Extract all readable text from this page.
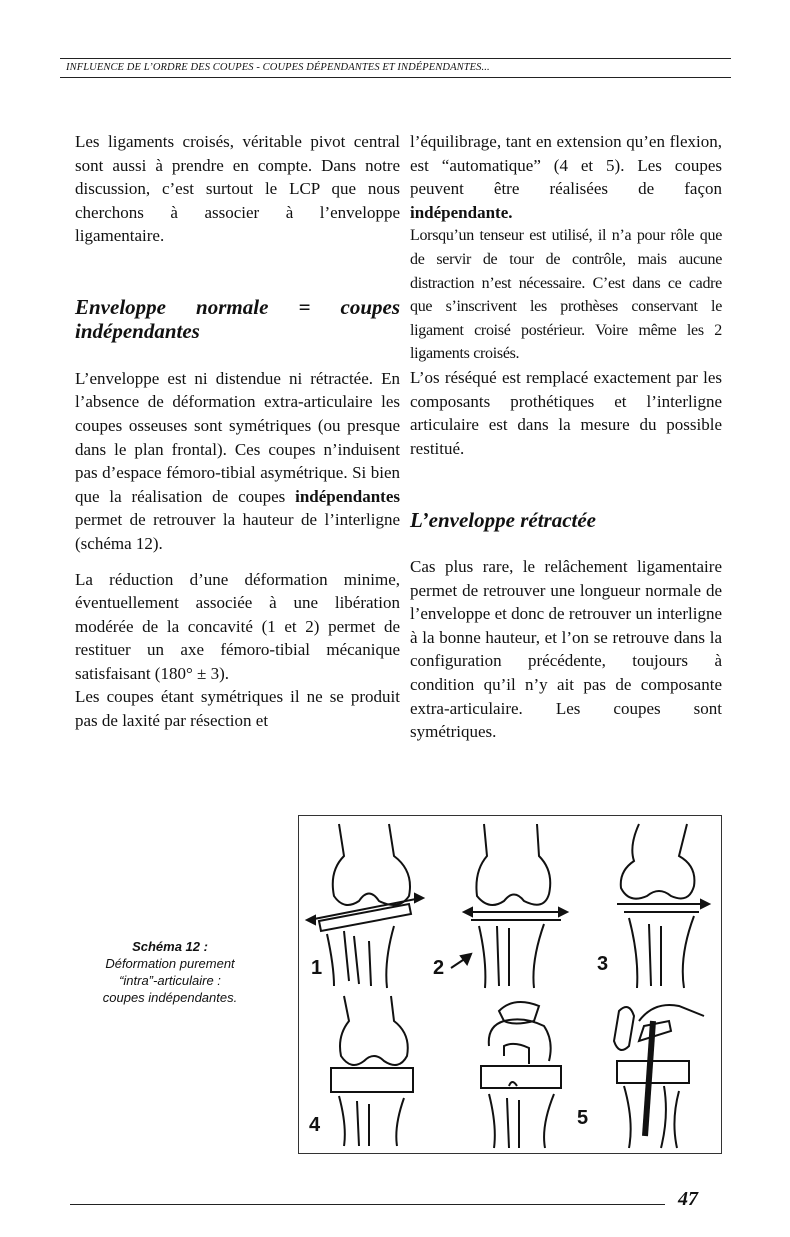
INFLUENCE DE L’ORDRE DES COUPES - COUPES DÉPENDANTES ET INDÉPENDANTES...

Les ligaments croisés, véritable pivot central sont aussi à prendre en compte. Dans notre discussion, c’est surtout le LCP que nous cherchons à associer à l’enveloppe ligamentaire.

Enveloppe normale = coupes indépendantes

L’enveloppe est ni distendue ni rétractée. En l’absence de déformation extra-articulaire les coupes osseuses sont symétriques (ou presque dans le plan frontal). Ces coupes n’induisent pas d’espace fémoro-tibial asymétrique. Si bien que la réalisation de coupes indépendantes permet de retrouver la hauteur de l’interligne (schéma 12).

La réduction d’une déformation minime, éventuellement associée à une libération modérée de la concavité (1 et 2) permet de restituer un axe fémoro-tibial mécanique satisfaisant (180° ± 3).

Les coupes étant symétriques il ne se produit pas de laxité par résection et

l’équilibrage, tant en extension qu’en flexion, est “automatique” (4 et 5). Les coupes peuvent être réalisées de façon indépendante.

Lorsqu’un tenseur est utilisé, il n’a pour rôle que de servir de tour de contrôle, mais aucune distraction n’est nécessaire. C’est dans ce cadre que s’inscrivent les prothèses conservant le ligament croisé postérieur. Voire même les 2 ligaments croisés.

L’os réséqué est remplacé exactement par les composants prothétiques et l’interligne articulaire est dans la mesure du possible restitué.

L’enveloppe rétractée

Cas plus rare, le relâchement ligamentaire permet de retrouver une longueur normale de l’enveloppe et donc de retrouver un interligne à la bonne hauteur, et l’on se retrouve dans la configuration précédente, toujours à condition qu’il n’y ait pas de composante extra-articulaire. Les coupes sont symétriques.

Schéma 12 :
Déformation purement
“intra”-articulaire :
coupes indépendantes.
1	2	3
4	5
47
